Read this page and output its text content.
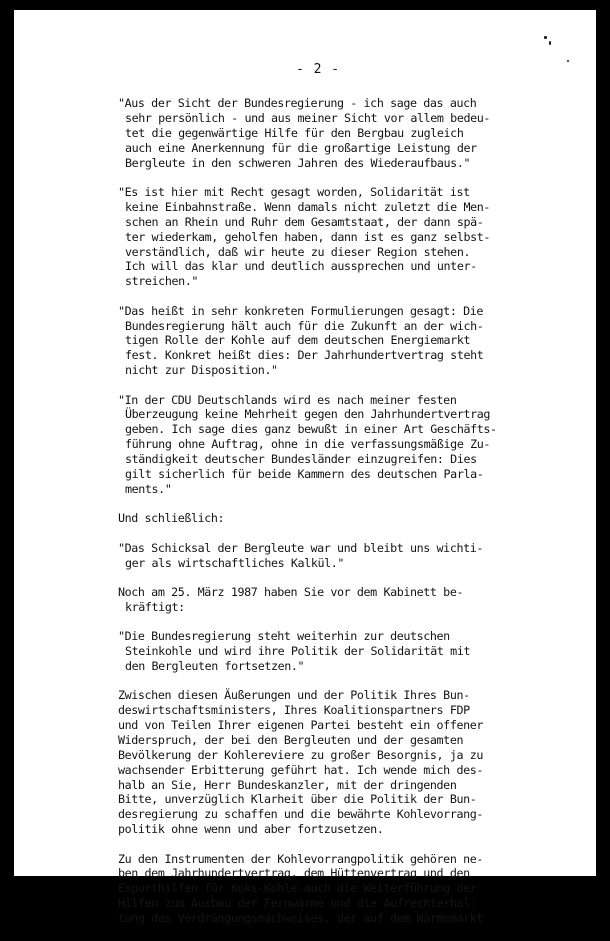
- 2 -

"Aus der Sicht der Bundesregierung - ich sage das auch
sehr persönlich - und aus meiner Sicht vor allem bedeu-
tet die gegenwärtige Hilfe für den Bergbau zugleich
auch eine Anerkennung für die großartige Leistung der
Bergleute in den schweren Jahren des Wiederaufbaus."

"Es ist hier mit Recht gesagt worden, Solidarität ist
keine Einbahnstraße. Wenn damals nicht zuletzt die Men-
schen an Rhein und Ruhr dem Gesamtstaat, der dann spä-
ter wiederkam, geholfen haben, dann ist es ganz selbst-
verständlich, daß wir heute zu dieser Region stehen.
Ich will das klar und deutlich aussprechen und unter-
streichen."

"Das heißt in sehr konkreten Formulierungen gesagt: Die
Bundesregierung hält auch für die Zukunft an der wich-
tigen Rolle der Kohle auf dem deutschen Energiemarkt
fest. Konkret heißt dies: Der Jahrhundertvertrag steht
nicht zur Disposition."

"In der CDU Deutschlands wird es nach meiner festen
Überzeugung keine Mehrheit gegen den Jahrhundertvertrag
geben. Ich sage dies ganz bewußt in einer Art Geschäfts-
führung ohne Auftrag, ohne in die verfassungsmäßige Zu-
ständigkeit deutscher Bundesländer einzugreifen: Dies
gilt sicherlich für beide Kammern des deutschen Parla-
ments."

Und schließlich:

"Das Schicksal der Bergleute war und bleibt uns wichti-
ger als wirtschaftliches Kalkül."

Noch am 25. März 1987 haben Sie vor dem Kabinett be-
kräftigt:

"Die Bundesregierung steht weiterhin zur deutschen
Steinkohle und wird ihre Politik der Solidarität mit
den Bergleuten fortsetzen."

Zwischen diesen Äußerungen und der Politik Ihres Bun-
deswirtschaftsministers, Ihres Koalitionspartners FDP
und von Teilen Ihrer eigenen Partei besteht ein offener
Widerspruch, der bei den Bergleuten und der gesamten
Bevölkerung der Kohlereviere zu großer Besorgnis, ja zu
wachsender Erbitterung geführt hat. Ich wende mich des-
halb an Sie, Herr Bundeskanzler, mit der dringenden
Bitte, unverzüglich Klarheit über die Politik der Bun-
desregierung zu schaffen und die bewährte Kohlevorrang-
politik ohne wenn und aber fortzusetzen.

Zu den Instrumenten der Kohlevorrangpolitik gehören ne-
ben dem Jahrhundertvertrag, dem Hüttenvertrag und den
Exporthilfen für Koks-Kohle auch die Weiterführung der
Hilfen zum Ausbau der Fernwärme und die Aufrechterhal-
tung des Verdrängungsnachweises, der auf dem Wärmemarkt
